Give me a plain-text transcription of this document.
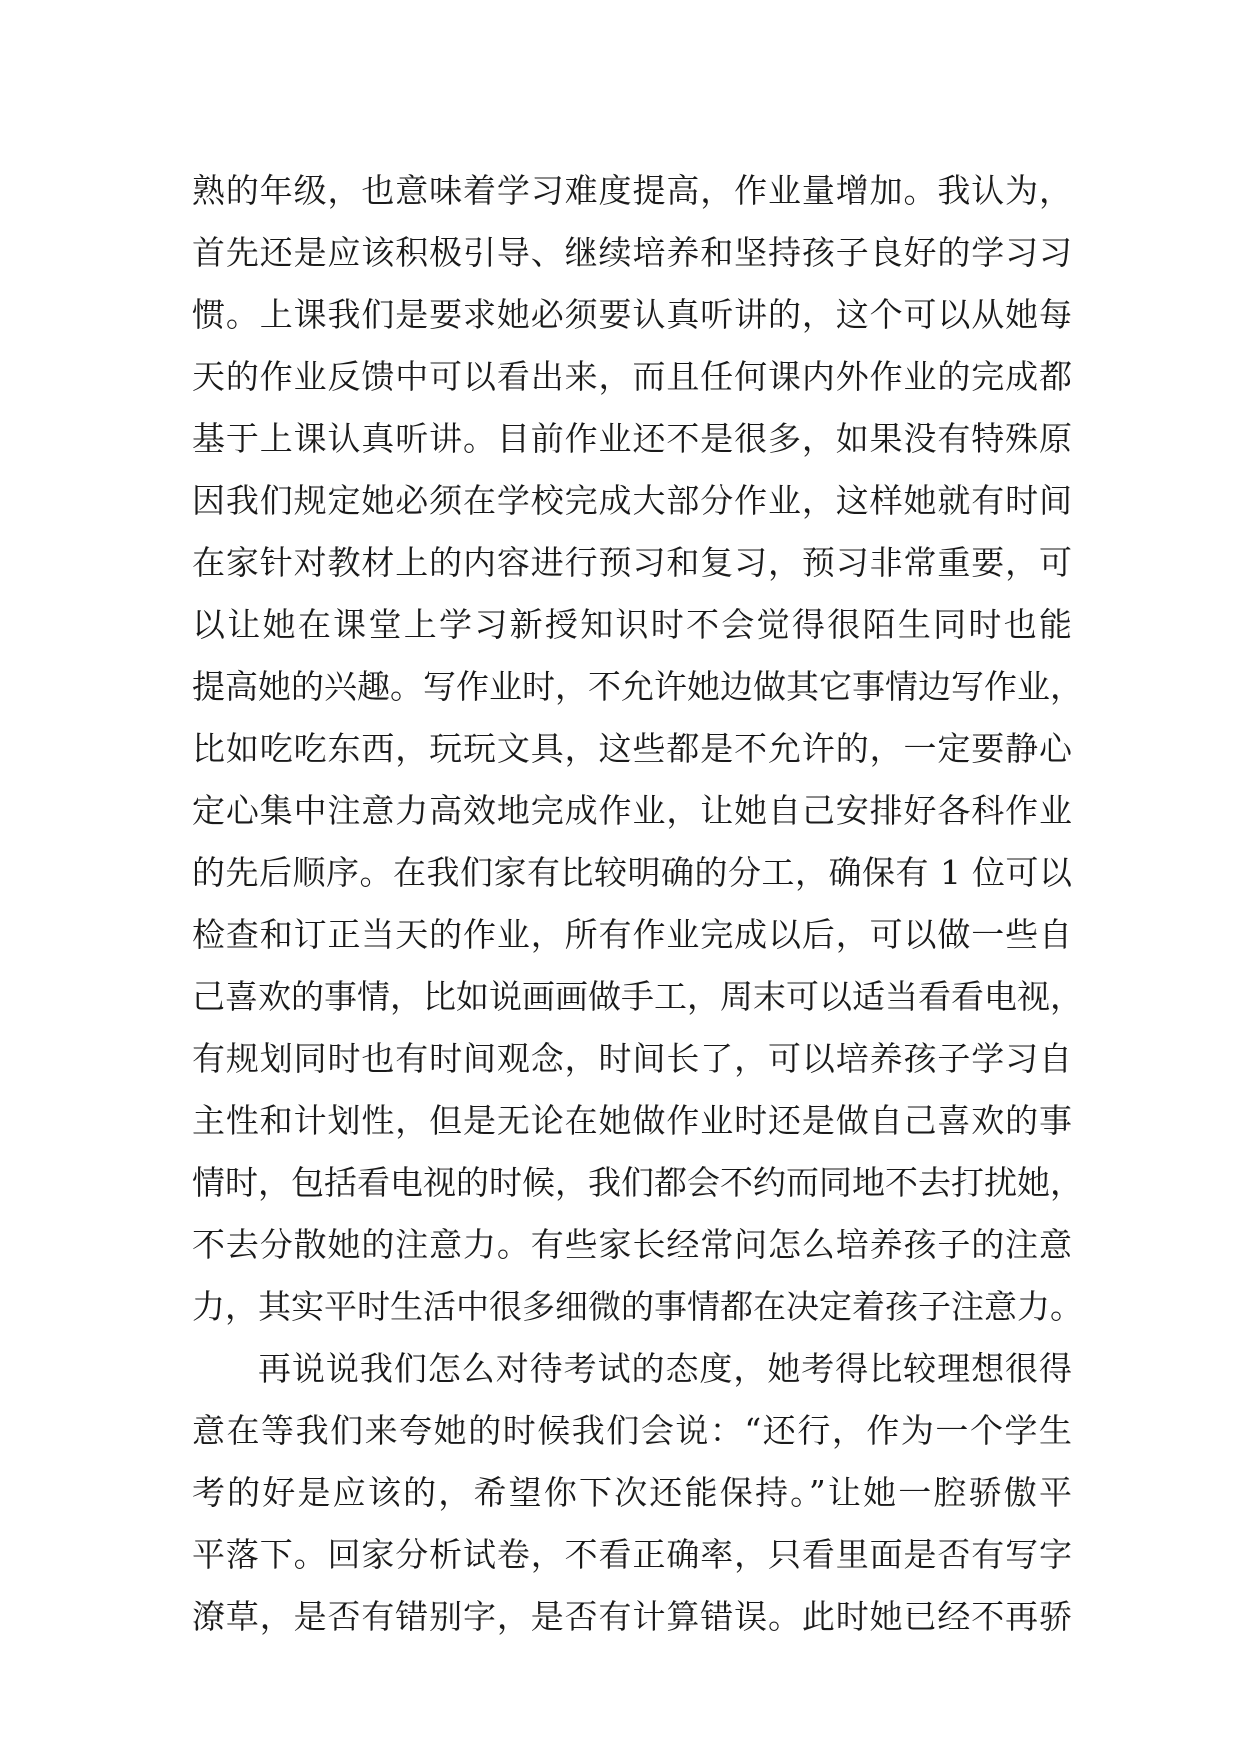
熟的年级，也意味着学习难度提高，作业量增加。我认为，
首先还是应该积极引导、继续培养和坚持孩子良好的学习习
惯。上课我们是要求她必须要认真听讲的，这个可以从她每
天的作业反馈中可以看出来，而且任何课内外作业的完成都
基于上课认真听讲。目前作业还不是很多，如果没有特殊原
因我们规定她必须在学校完成大部分作业，这样她就有时间
在家针对教材上的内容进行预习和复习，预习非常重要，可
以让她在课堂上学习新授知识时不会觉得很陌生同时也能
提高她的兴趣。写作业时，不允许她边做其它事情边写作业，
比如吃吃东西，玩玩文具，这些都是不允许的，一定要静心
定心集中注意力高效地完成作业，让她自己安排好各科作业
的先后顺序。在我们家有比较明确的分工，确保有 1 位可以
检查和订正当天的作业，所有作业完成以后，可以做一些自
己喜欢的事情，比如说画画做手工，周末可以适当看看电视，
有规划同时也有时间观念，时间长了，可以培养孩子学习自
主性和计划性，但是无论在她做作业时还是做自己喜欢的事
情时，包括看电视的时候，我们都会不约而同地不去打扰她，
不去分散她的注意力。有些家长经常问怎么培养孩子的注意
力，其实平时生活中很多细微的事情都在决定着孩子注意力。
再说说我们怎么对待考试的态度，她考得比较理想很得
意在等我们来夸她的时候我们会说：“还行，作为一个学生
考的好是应该的，希望你下次还能保持。”让她一腔骄傲平
平落下。回家分析试卷，不看正确率，只看里面是否有写字
潦草，是否有错别字，是否有计算错误。此时她已经不再骄
